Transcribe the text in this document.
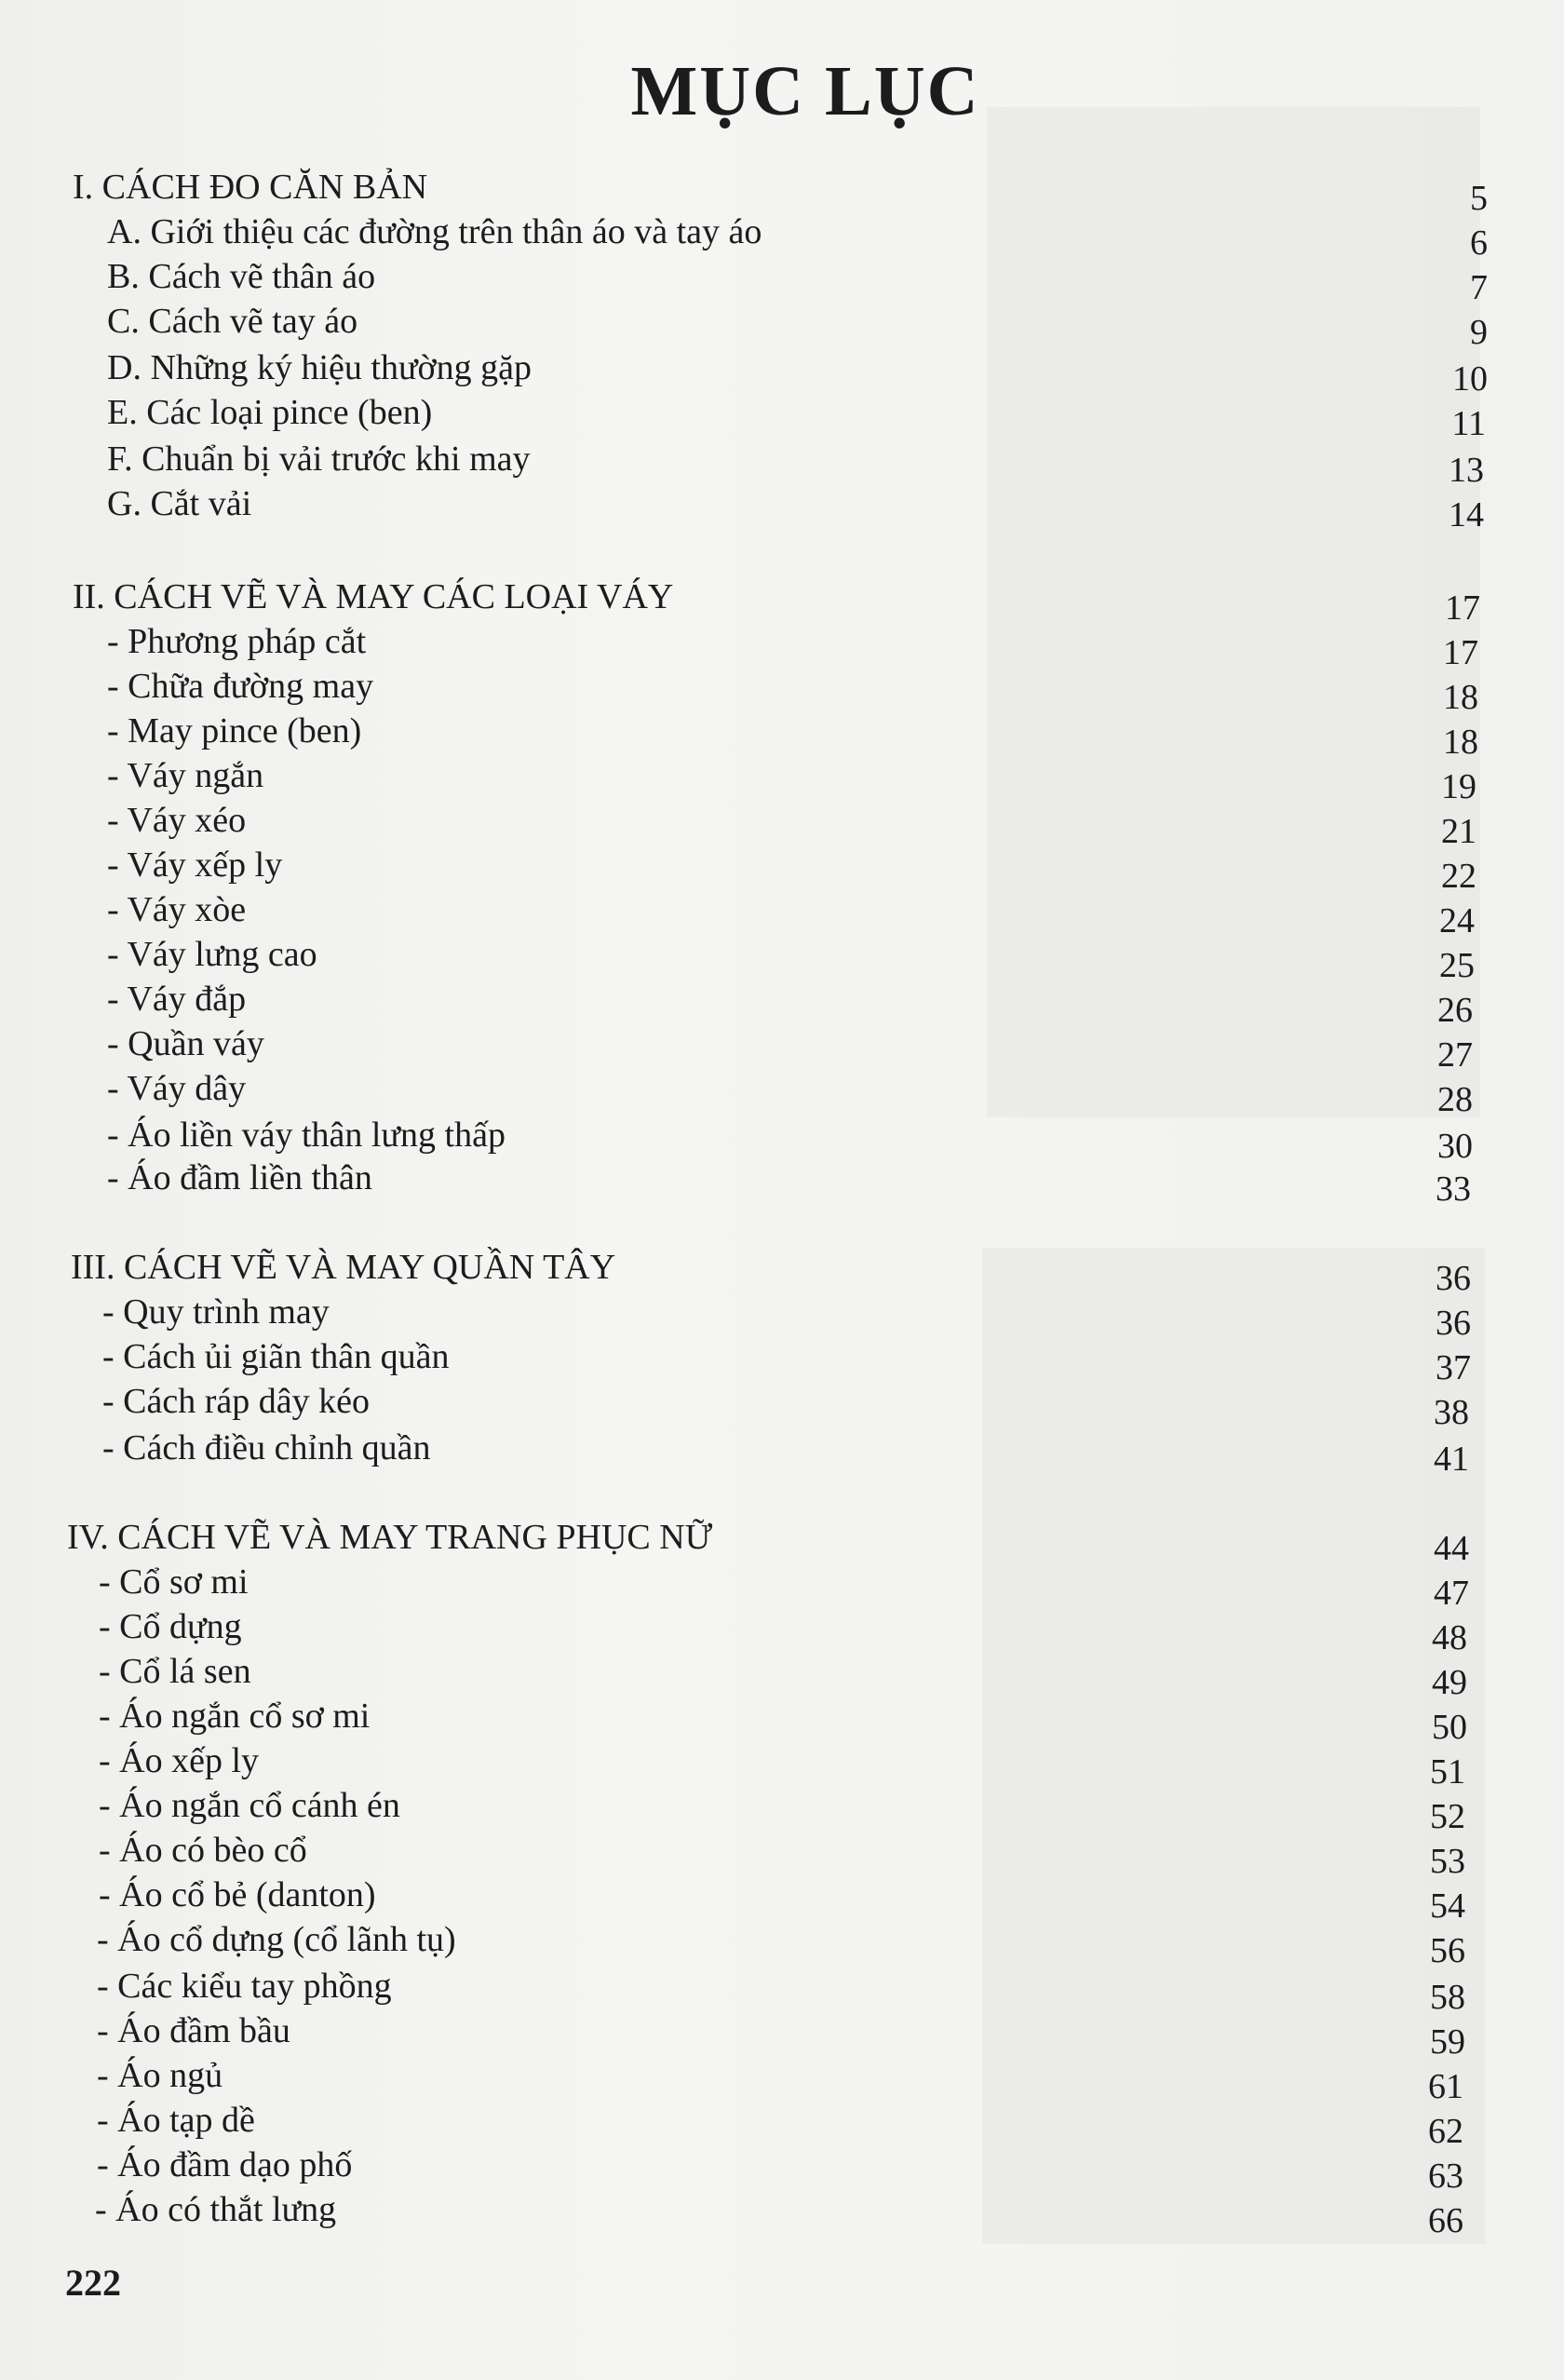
MỤC LỤC
I. CÁCH ĐO CĂN BẢN	5
A. Giới thiệu các đường trên thân áo và tay áo	6
B. Cách vẽ thân áo	7
C. Cách vẽ tay áo	9
D. Những ký hiệu thường gặp	10
E. Các loại pince (ben)	11
F. Chuẩn bị vải trước khi may	13
G. Cắt vải	14
II. CÁCH VẼ VÀ MAY CÁC LOẠI VÁY	17
- Phương pháp cắt	17
- Chữa đường may	18
- May pince (ben)	18
- Váy ngắn	19
- Váy xéo	21
- Váy xếp ly	22
- Váy xòe	24
- Váy lưng cao	25
- Váy đắp	26
- Quần váy	27
- Váy dây	28
- Áo liền váy thân lưng thấp	30
- Áo đầm liền thân	33
III. CÁCH VẼ VÀ MAY QUẦN TÂY	36
- Quy trình may	36
- Cách ủi giãn thân quần	37
- Cách ráp dây kéo	38
- Cách điều chỉnh quần	41
IV. CÁCH VẼ VÀ MAY TRANG PHỤC NỮ	44
- Cổ sơ mi	47
- Cổ dựng	48
- Cổ lá sen	49
- Áo ngắn cổ sơ mi	50
- Áo xếp ly	51
- Áo ngắn cổ cánh én	52
- Áo có bèo cổ	53
- Áo cổ bẻ (danton)	54
- Áo cổ dựng (cổ lãnh tụ)	56
- Các kiểu tay phồng	58
- Áo đầm bầu	59
- Áo ngủ	61
- Áo tạp dề	62
- Áo đầm dạo phố	63
- Áo có thắt lưng	66
222
